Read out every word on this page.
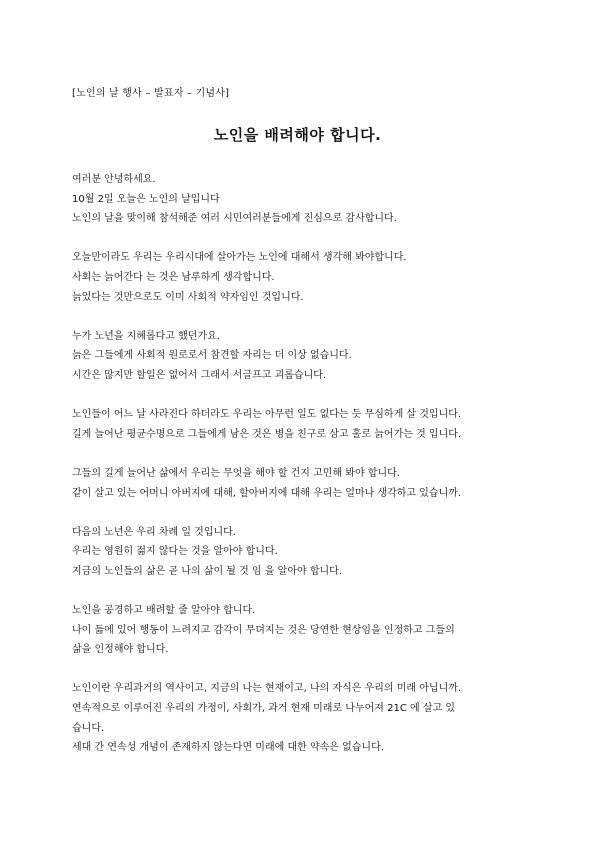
[노인의 날 행사 – 발표자 – 기념사]
노인을 배려해야 합니다.
여러분 안녕하세요.
10월 2일 오늘은 노인의 날입니다
노인의 날을 맞이해 참석해준 여러 시민여러분들에게 진심으로 감사합니다.
오늘만이라도 우리는 우리시대에 살아가는 노인에 대해서 생각해 봐야합니다.
사회는 늙어간다 는 것은 남루하게 생각합니다.
늙었다는 것만으로도 이미 사회적 약자임인 것입니다.
누가 노년을 지혜롭다고 했던가요.
늙은 그들에게 사회적 원로로서 참견할 자리는 더 이상 없습니다.
시간은 많지만 할일은 없어서 그래서 서글프고 괴롭습니다.
노인들이 어느 날 사라진다 하더라도 우리는 아무런 일도 없다는 듯 무심하게 살 것입니다.
길게 늘어난 평균수명으로 그들에게 남은 것은 병을 친구로 삼고 홀로 늙어가는 것 입니다.
그들의 길게 늘어난 삶에서 우리는 무엇을 해야 할 건지 고민해 봐야 합니다.
같이 살고 있는 어머니 아버지에 대해, 할아버지에 대해 우리는 얼마나 생각하고 있습니까.
다음의 노년은 우리 차례 일 것입니다.
우리는 영원히 젊지 않다는 것을 알아야 합니다.
지금의 노인들의 삶은 곧 나의 삶이 될 것 임 을 알아야 합니다.
노인을 공경하고 배려할 줄 알아야 합니다.
나이 듦에 있어 행동이 느려지고 감각이 무뎌지는 것은 당연한 현상임을 인정하고 그들의
삶을 인정해야 합니다.
노인이란 우리과거의 역사이고, 지금의 나는 현재이고, 나의 자식은 우리의 미래 아닙니까.
연속적으로 이루어진 우리의 가정이, 사회가, 과거 현재 미래로 나누어져 21C 에 살고 있
습니다.
세대 간 연속성 개념이 존재하지 않는다면 미래에 대한 약속은 없습니다.
